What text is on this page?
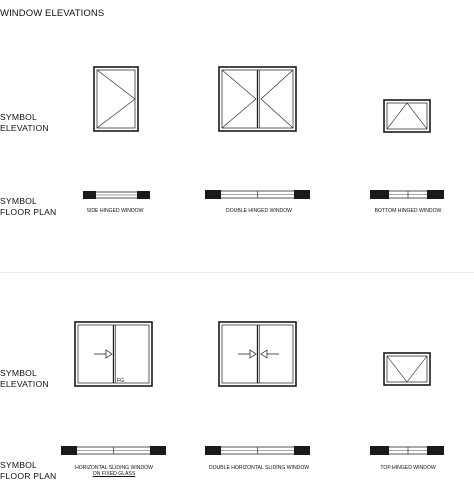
WINDOW ELEVATIONS
SYMBOL
ELEVATION
SYMBOL
FLOOR PLAN
SYMBOL
ELEVATION
SYMBOL
FLOOR PLAN
FG
SIDE HINGED WINDOW	DOUBLE HINGED WINDOW	BOTTOM HINGED WINDOW
HORIZONTAL SLIDING WINDOW
ON FIXED GLASS
DOUBLE HORIZONTAL SLIDING WINDOW	TOP HINGED WINDOW
